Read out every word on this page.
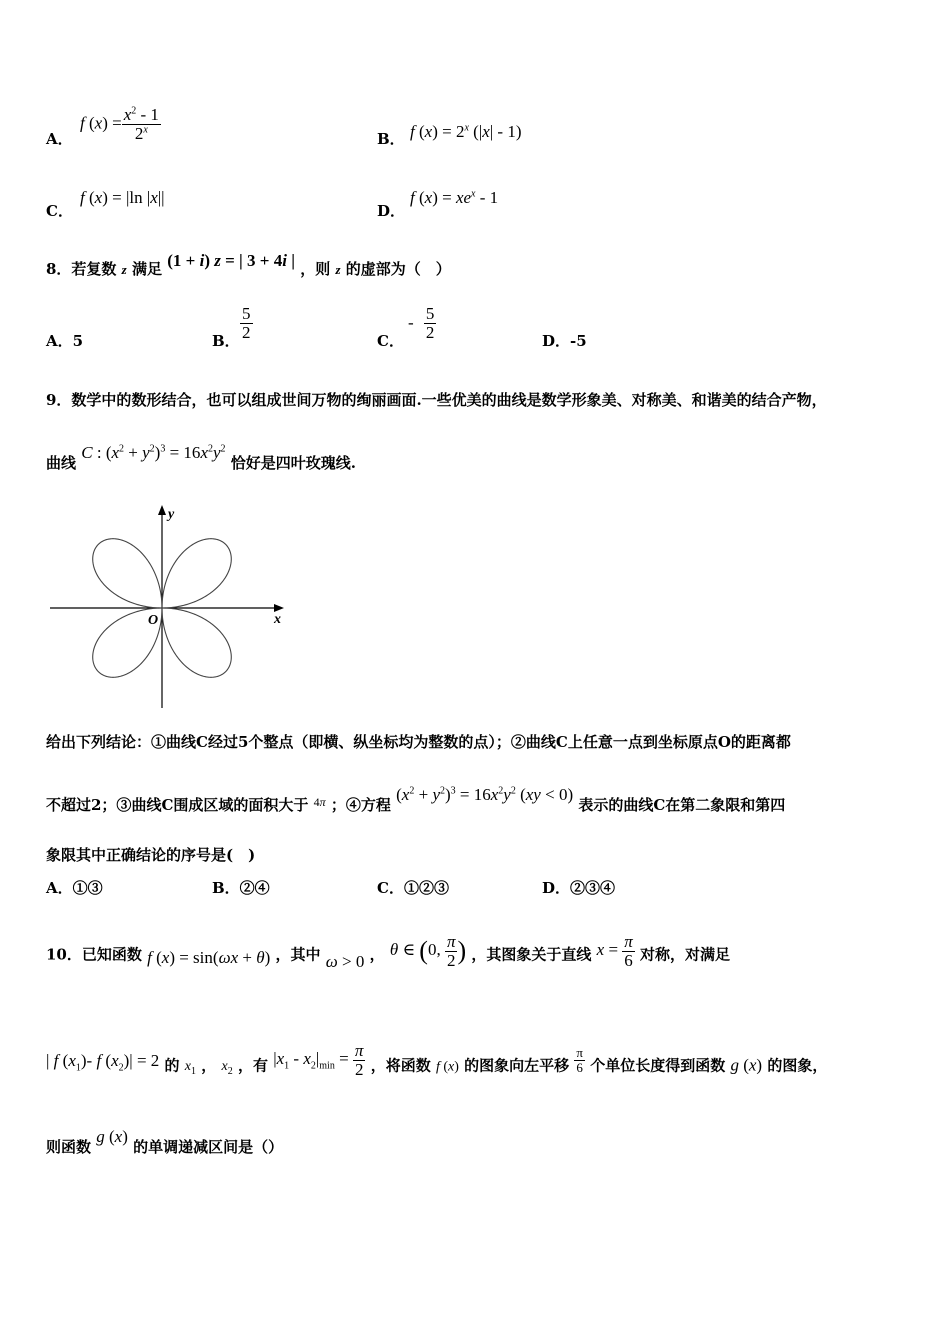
A．
f $(x) = \frac{x^2 - 1}{2^x}$	B． f $(x) = 2^x$ (|x| - 1)
C．
f (x) = |ln |x||
D．
f $(x) = xe^x - 1$
8．若复数 z 满足 (1 + i) z = | 3 + 4i | ，则 z 的虚部为（　）
A．5	B． $\frac{5}{2}$	C．
- $\frac{5}{2}$	D．-5
9．数学中的数形结合，也可以组成世间万物的绚丽画面.一些优美的曲线是数学形象美、对称美、和谐美的结合产物，
曲线 C : $(x^2 + y^2)^3 = 16x^2y^2$ 恰好是四叶玫瑰线.
x
y
O
给出下列结论：①曲线C经过5个整点（即横、纵坐标均为整数的点）；②曲线C上任意一点到坐标原点O的距离都
不超过2；③曲线C围成区域的面积大于 $^{4\pi}$ ；④方程 $(x^2 + y^2)^3 = 16x^2y^2$ (xy < 0) 表示的曲线C在第二象限和第四
象限其中正确结论的序号是(　)
A．①③	B．②④	C．①②③	D．②③④
10．已知函数 f (x) = sin(ωx + θ) ，其中 ω > 0 ， θ ∈ (0, $\frac{\pi}{2}$ ) ，其图象关于直线 $x = \frac{\pi}{6}$ 对称，对满足
| f $(x_1)-$ f $(x_2)| = 2$ 的 $x_1$ ， $x_2$ ，有 $|x_1 - x_2|_{min} = \frac{\pi}{2}$ ，将函数 f (x) 的图象向左平移 $\frac{\pi}{6}$ 个单位长度得到函数 g (x) 的图象，
则函数 g (x) 的单调递减区间是（）
